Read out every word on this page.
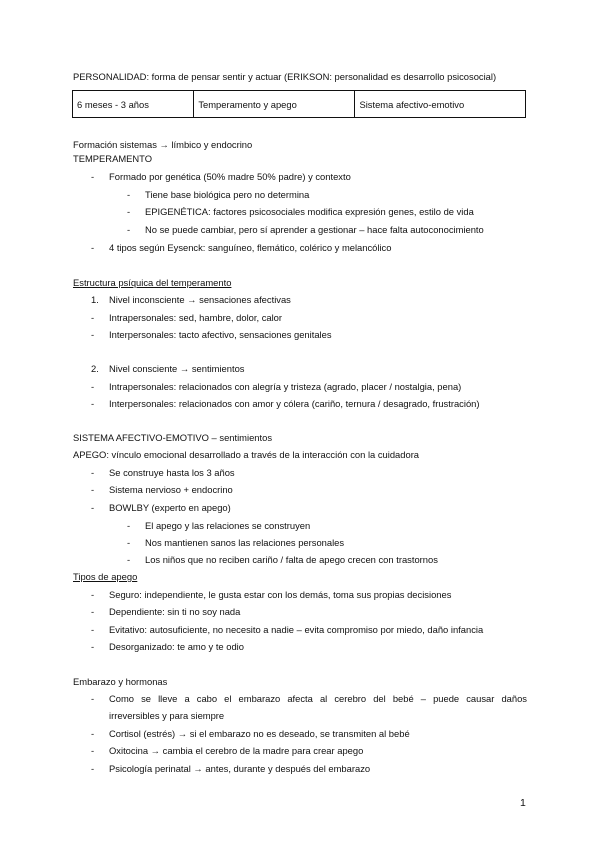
PERSONALIDAD: forma de pensar sentir y actuar (ERIKSON: personalidad es desarrollo psicosocial)
6 meses - 3 años	Temperamento y apego	Sistema afectivo-emotivo
Formación sistemas → límbico y endocrino
TEMPERAMENTO
- Formado por genética (50% madre 50% padre) y contexto
- Tiene base biológica pero no determina
- EPIGENÉTICA: factores psicosociales modifica expresión genes, estilo de vida
- No se puede cambiar, pero sí aprender a gestionar – hace falta autoconocimiento
- 4 tipos según Eysenck: sanguíneo, flemático, colérico y melancólico
Estructura psíquica del temperamento
1. Nivel inconsciente → sensaciones afectivas
- Intrapersonales: sed, hambre, dolor, calor
- Interpersonales: tacto afectivo, sensaciones genitales
2. Nivel consciente → sentimientos
- Intrapersonales: relacionados con alegría y tristeza (agrado, placer / nostalgia, pena)
- Interpersonales: relacionados con amor y cólera (cariño, ternura / desagrado, frustración)
SISTEMA AFECTIVO-EMOTIVO – sentimientos
APEGO: vínculo emocional desarrollado a través de la interacción con la cuidadora
- Se construye hasta los 3 años
- Sistema nervioso + endocrino
- BOWLBY (experto en apego)
- El apego y las relaciones se construyen
- Nos mantienen sanos las relaciones personales
- Los niños que no reciben cariño / falta de apego crecen con trastornos
Tipos de apego
- Seguro: independiente, le gusta estar con los demás, toma sus propias decisiones
- Dependiente: sin ti no soy nada
- Evitativo: autosuficiente, no necesito a nadie – evita compromiso por miedo, daño infancia
- Desorganizado: te amo y te odio
Embarazo y hormonas
- Como se lleve a cabo el embarazo afecta al cerebro del bebé – puede causar daños
irreversibles y para siempre
- Cortisol (estrés) → si el embarazo no es deseado, se transmiten al bebé
- Oxitocina → cambia el cerebro de la madre para crear apego
- Psicología perinatal → antes, durante y después del embarazo
1
